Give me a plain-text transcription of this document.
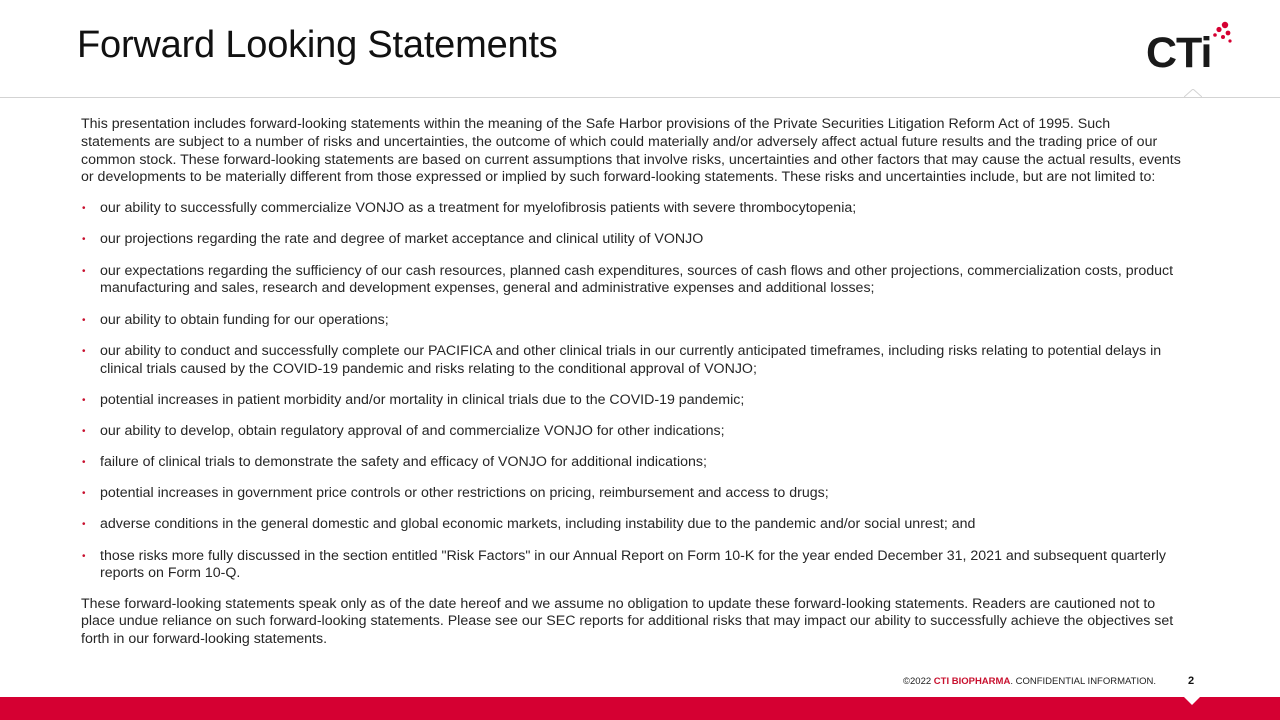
Forward Looking Statements	CTi

This presentation includes forward-looking statements within the meaning of the Safe Harbor provisions of the Private Securities Litigation Reform Act of 1995. Such statements are subject to a number of risks and uncertainties, the outcome of which could materially and/or adversely affect actual future results and the trading price of our common stock. These forward-looking statements are based on current assumptions that involve risks, uncertainties and other factors that may cause the actual results, events or developments to be materially different from those expressed or implied by such forward-looking statements. These risks and uncertainties include, but are not limited to:

• our ability to successfully commercialize VONJO as a treatment for myelofibrosis patients with severe thrombocytopenia;
• our projections regarding the rate and degree of market acceptance and clinical utility of VONJO
• our expectations regarding the sufficiency of our cash resources, planned cash expenditures, sources of cash flows and other projections, commercialization costs, product manufacturing and sales, research and development expenses, general and administrative expenses and additional losses;
• our ability to obtain funding for our operations;
• our ability to conduct and successfully complete our PACIFICA and other clinical trials in our currently anticipated timeframes, including risks relating to potential delays in clinical trials caused by the COVID-19 pandemic and risks relating to the conditional approval of VONJO;
• potential increases in patient morbidity and/or mortality in clinical trials due to the COVID-19 pandemic;
• our ability to develop, obtain regulatory approval of and commercialize VONJO for other indications;
• failure of clinical trials to demonstrate the safety and efficacy of VONJO for additional indications;
• potential increases in government price controls or other restrictions on pricing, reimbursement and access to drugs;
• adverse conditions in the general domestic and global economic markets, including instability due to the pandemic and/or social unrest; and
• those risks more fully discussed in the section entitled "Risk Factors" in our Annual Report on Form 10-K for the year ended December 31, 2021 and subsequent quarterly reports on Form 10-Q.

These forward-looking statements speak only as of the date hereof and we assume no obligation to update these forward-looking statements. Readers are cautioned not to place undue reliance on such forward-looking statements. Please see our SEC reports for additional risks that may impact our ability to successfully achieve the objectives set forth in our forward-looking statements.

©2022 CTI BIOPHARMA. CONFIDENTIAL INFORMATION.	2
